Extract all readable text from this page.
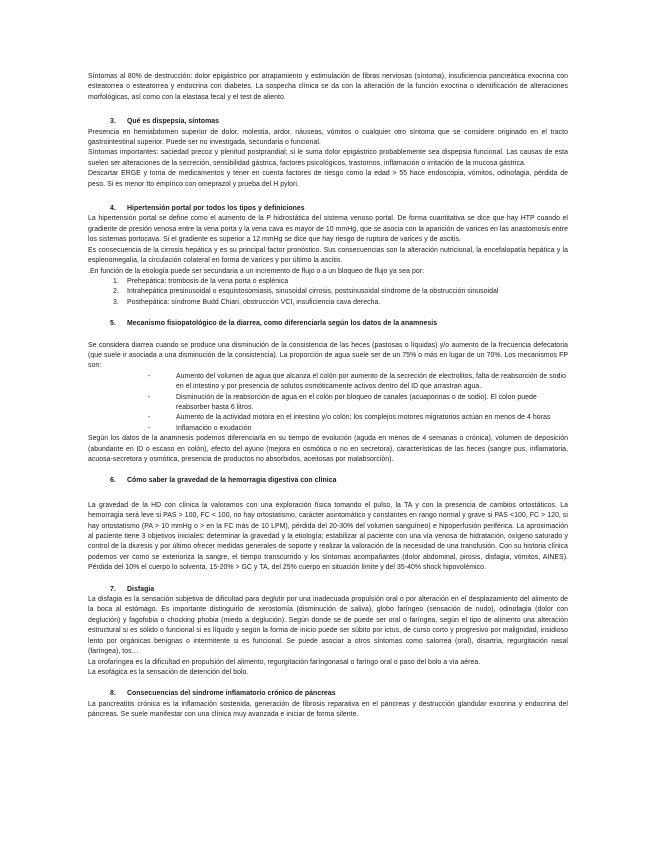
Síntomas al 80% de destrucción: dolor epigástrico por atrapamiento y estimulación de fibras nerviosas (síntoma), insuficiencia pancreática exocrina con esteatorrea o esteatorrea y endocrina con diabetes. La sospecha clínica se da con la alteración de la función exocrina o identificación de alteraciones morfológicas, así como con la elastasa fecal y el test de aliento.

3. Qué es dispepsia, síntomas

Presencia en hemiabdomen superior de dolor, molestia, ardor, náuseas, vómitos o cualquier otro síntoma que se considere originado en el tracto gastrointestinal superior. Puede ser no investigada, secundaria o funcional.

Síntomas importantes: saciedad precoz y plenitud postprandial; si le suma dolor epigástrico probablemente sea dispepsia funcional. Las causas de esta suelen ser alteraciones de la secreción, sensibilidad gástrica, factores psicológicos, trastornos, inflamación o irritación de la mucosa gástrica.

Descartar ERGE y toma de medicamentos y tener en cuenta factores de riesgo como la edad > 55 hace endoscopia, vómitos, odinofagia, pérdida de peso. Si es menor tto empírico con omeprazol y prueba del H pylori.

4. Hipertensión portal por todos los tipos y definiciones

La hipertensión portal se define como el aumento de la P hidrostática del sistema venoso portal. De forma cuantitativa se dice que hay HTP cuando el gradiente de presión venosa entre la vena porta y la vena cava es mayor de 10 mmHg, que se asocia con la aparición de varices en las anastomosis entre los sistemas portocava. Si el gradiente es superior a 12 mmHg se dice que hay riesgo de ruptura de varices y de ascitis.

Es consecuencia de la cirrosis hepática y es su principal factor pronóstico. Sus consecuencias son la alteración nutricional, la encefalopatía hepática y la esplenomegalia, la circulación colateral en forma de varices y por último la ascitis.

.En función de la etiología puede ser secundaria a un incremento de flujo o a un bloqueo de flujo ya sea por:

1. Prehepática: trombosis de la vena porta o esplénica
2. Intrahepática presinusoidal o esquistosomiasis, sinusoidal cirrosis, postsinusoidal síndrome de la obstrucción sinusoidal
3. Posthepática: síndrome Budd Chiari, obstrucción VCI, insuficiencia cava derecha.

5. Mecanismo fisiopatológico de la diarrea, como diferenciarla según los datos de la anamnesis

Se considera diarrea cuando se produce una disminución de la consistencia de las heces (pastosas o líquidas) y/o aumento de la frecuencia defecatoria (que suele ir asociada a una disminución de la consistencia). La proporción de agua suele ser de un 75% o más en lugar de un 70%. Los mecanismos FP son:

- Aumento del volumen de agua que alcanza el colón por aumento de la secreción de electrolitos, falta de reabsorción de sodio en el intestino y por presencia de solutos osmóticamente activos dentro del ID que arrastran agua.
- Disminución de la reabsorción de agua en el colón por bloqueo de canales (acuaporinas o de sodio). El colon puede reabsorber hasta 6 litros.
- Aumento de la actividad motora en el intestino y/o colón: los complejos motores migratorios actúan en menos de 4 horas
- Inflamación o exudación

Según los datos de la anamnesis podemos diferenciarla en su tiempo de evolución (aguda en menos de 4 semanas o crónica), volumen de deposición (abundante en ID o escaso en colón), efecto del ayuno (mejora en osmótica o no en secretora), características de las heces (sangre pus, inflamatoria, acuosa-secretora y osmótica, presencia de productos no absorbidos, aceitosas por malabsorción).

6. Cómo saber la gravedad de la hemorragia digestiva con clínica

La gravedad de la HD con clínica la valoramos con una exploración física tomando el pulso, la TA y con la presencia de cambios ortostáticos. La hemorragia será leve si PAS > 100, FC < 100, no hay ortostatismo, carácter asintomático y constantes en rango normal y grave si PAS <100, FC > 120, si hay ortostatismo (PA > 10 mmHg o > en la FC más de 10 LPM), pérdida del 20-30% del volumen sanguíneo) e hipoperfusión periférica. La aproximación al paciente tiene 3 objetivos iniciales: determinar la gravedad y la etiología; estabilizar al paciente con una vía venosa de hidratación, oxígeno saturado y control de la diuresis y por último ofrecer medidas generales de soporte y realizar la valoración de la necesidad de una transfusión. Con su historia clínica podemos ver como se exterioriza la sangre, el tiempo transcurrido y los síntomas acompañantes (dolor abdominal, pirosis, disfagia, vómitos, AINES). Pérdida del 10% el cuerpo lo solventa, 15-20% > GC y TA, del 25% cuerpo en situación límite y del 35-40% shock hipovolémico.

7. Disfagia

La disfagia es la sensación subjetiva de dificultad para deglutir por una inadecuada propulsión oral o por alteración en el desplazamiento del alimento de la boca al estómago. Es importante distinguirlo de xerostomía (disminución de saliva), globo faríngeo (sensación de nudo), odinofagia (dolor con deglución) y fagofobia o chocking phobia (miedo a deglución). Según donde se de puede ser oral o faríngea, según el tipo de alimento una alteración estructural si es sólido o funcional si es líquido y según la forma de inicio puede ser súbito por ictus, de curso corto y progresivo por malignidad, insidioso lento por orgánicas benignas o intermitente si es funcional. Se puede asociar a otros síntomas como salorrea (oral), disartria, regurgitación nasal (faríngea), tos…

La orofaríngea es la dificultad en propulsión del alimento, regurgitación faríngonasal o faríngo oral o paso del bolo a vía aérea.

La esofágica es la sensación de detención del bolo.

8. Consecuencias del síndrome inflamatorio crónico de páncreas

La pancreatitis crónica es la inflamación sostenida, generación de fibrosis reparativa en el páncreas y destrucción glandular exocrina y endocrina del páncreas. Se suele manifestar con una clínica muy avanzada e iniciar de forma silente.
